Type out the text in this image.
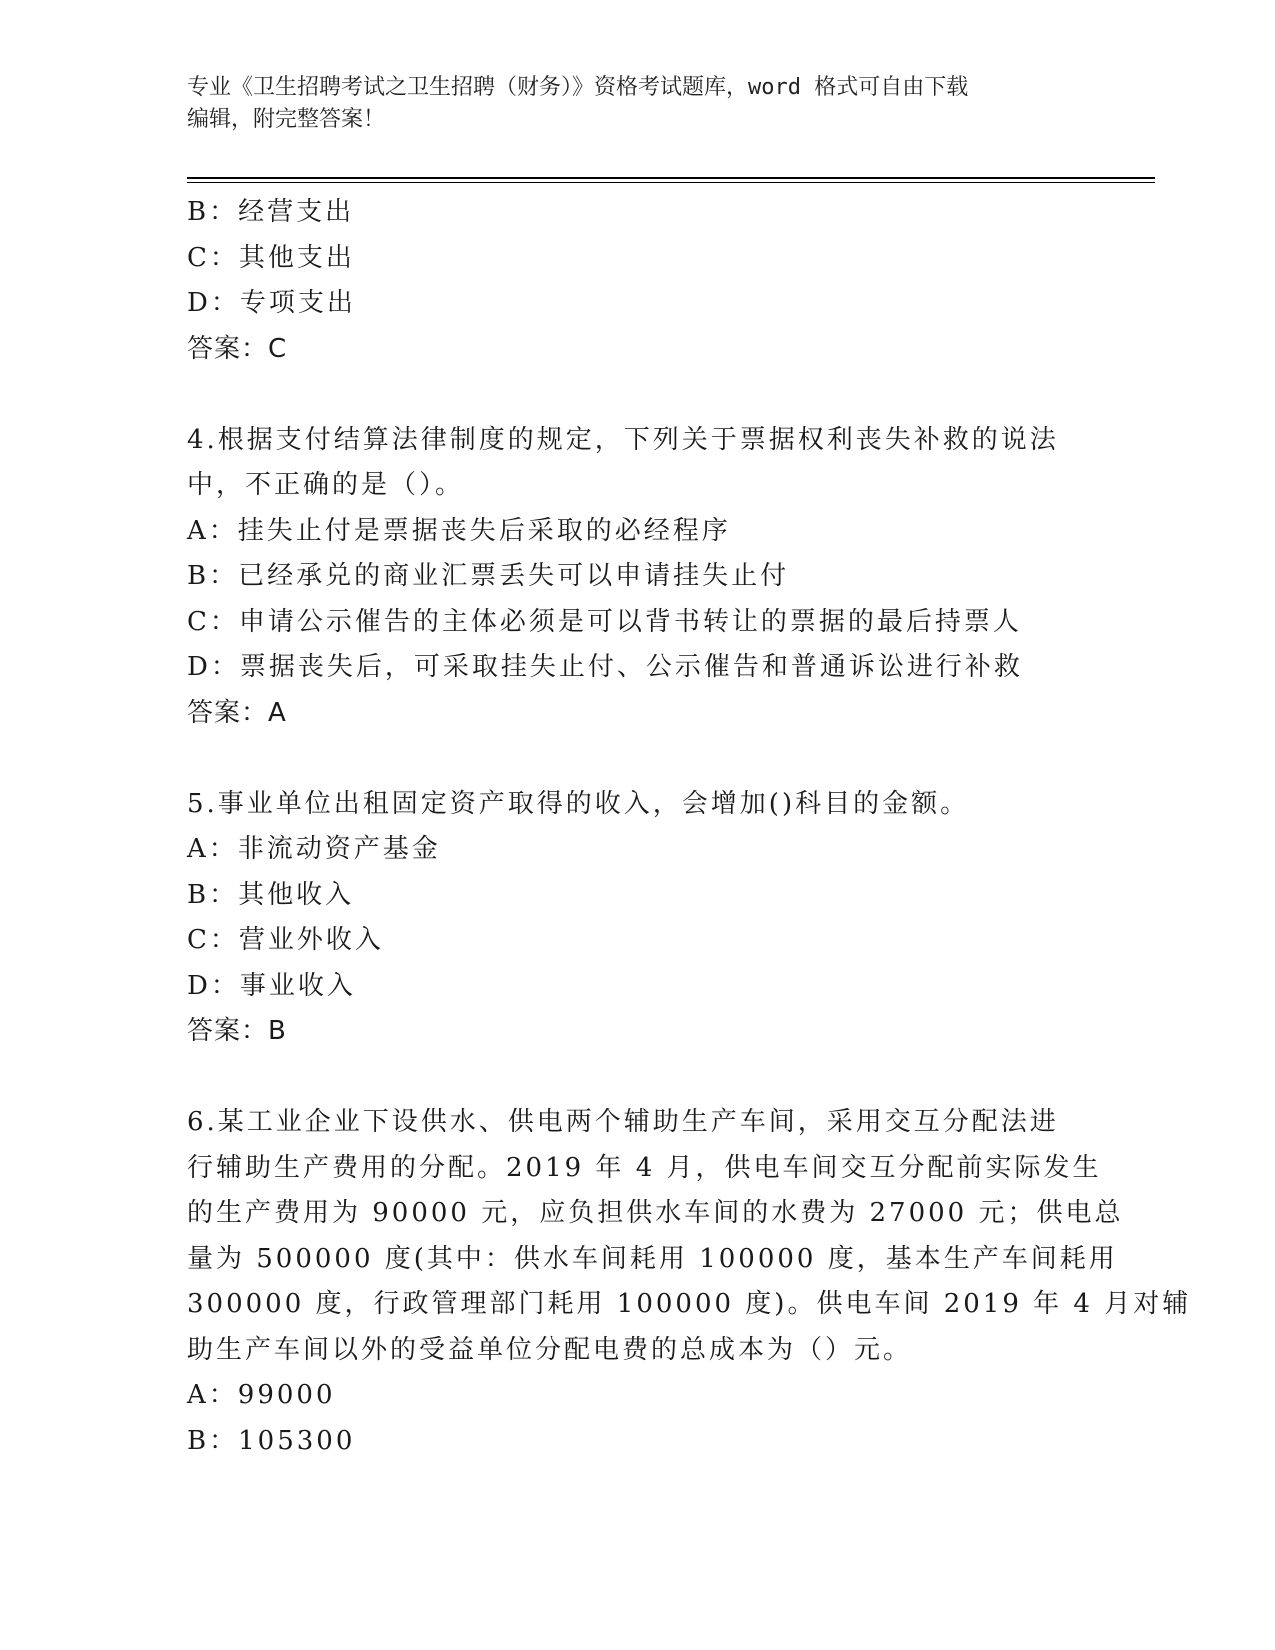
专业《卫生招聘考试之卫生招聘（财务）》资格考试题库，word 格式可自由下载
编辑，附完整答案！
B：经营支出
C：其他支出
D：专项支出
答案：C
4.根据支付结算法律制度的规定，下列关于票据权利丧失补救的说法
中，不正确的是（）。
A：挂失止付是票据丧失后采取的必经程序
B：已经承兑的商业汇票丢失可以申请挂失止付
C：申请公示催告的主体必须是可以背书转让的票据的最后持票人
D：票据丧失后，可采取挂失止付、公示催告和普通诉讼进行补救
答案：A
5.事业单位出租固定资产取得的收入，会增加()科目的金额。
A：非流动资产基金
B：其他收入
C：营业外收入
D：事业收入
答案：B
6.某工业企业下设供水、供电两个辅助生产车间，采用交互分配法进
行辅助生产费用的分配。2019 年 4 月，供电车间交互分配前实际发生
的生产费用为 90000 元，应负担供水车间的水费为 27000 元；供电总
量为 500000 度(其中：供水车间耗用 100000 度，基本生产车间耗用
300000 度，行政管理部门耗用 100000 度)。供电车间 2019 年 4 月对辅
助生产车间以外的受益单位分配电费的总成本为（）元。
A：99000
B：105300
